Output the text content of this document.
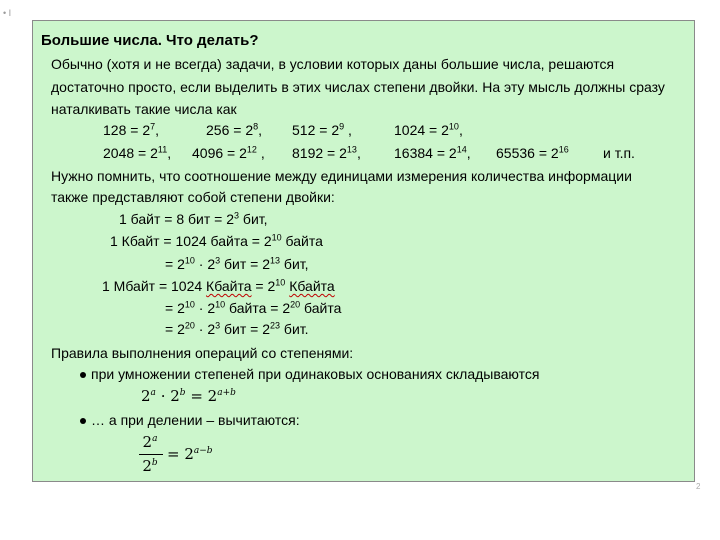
• I
2
Большие числа. Что делать?
Обычно (хотя и не всегда) задачи, в условии которых даны большие числа, решаются
достаточно просто, если выделить в этих числах степени двойки. На эту мысль должны сразу
наталкивать такие числа как
$128 = 2^7$,	$256 = 2^8$, $512 = 2^9$ ,	$1024 = 2^{10}$,
$2048 = 2^{11}$, $4096 = 2^{12}$ , $8192 = 2^{13}$, $16384 = 2^{14}$, $65536 = 2^{16}$ и т.п.
Нужно помнить, что соотношение между единицами измерения количества информации
также представляют собой степени двойки:
1 байт = 8 бит = $2^3$ бит,
1 Кбайт = 1024 байта = $2^{10}$ байта
= $2^{10} \cdot 2^3$ бит = $2^{13}$ бит,
1 Мбайт = 1024 Кбайта = $2^{10}$ Кбайта
= $2^{10} \cdot 2^{10}$ байта = $2^{20}$ байта
= $2^{20} \cdot 2^3$ бит = $2^{23}$ бит.
Правила выполнения операций со степенями:
при умножении степеней при одинаковых основаниях складываются
$2^a \cdot 2^b = 2^{a+b}$
… а при делении – вычитаются:
2$^a$
$2^b = 2^{a-b}$
